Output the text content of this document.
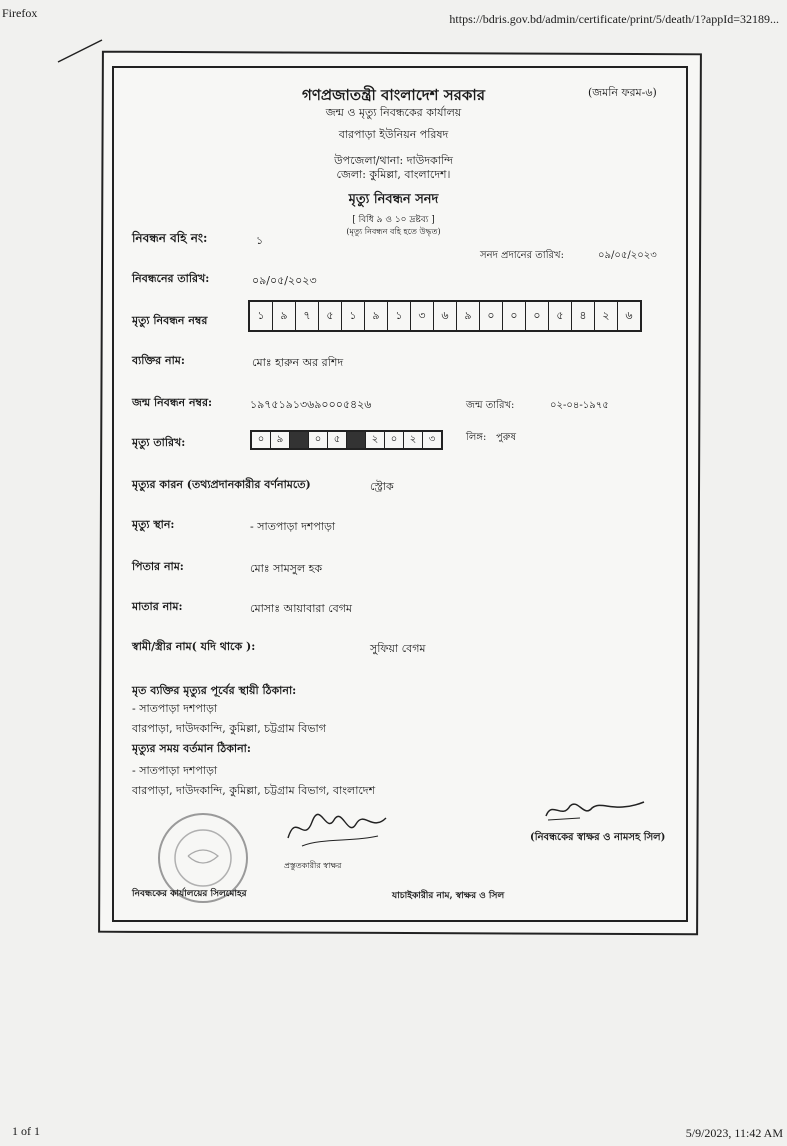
Firefox	https://bdris.gov.bd/admin/certificate/print/5/death/1?appId=32189...
1 of 1	5/9/2023, 11:42 AM
গণপ্রজাতন্ত্রী বাংলাদেশ সরকার	(জমনি ফরম-৬)
জন্ম ও মৃত্যু নিবন্ধকের কার্যালয়
বারপাড়া ইউনিয়ন পরিষদ
উপজেলা/থানা: দাউদকান্দি
জেলা: কুমিল্লা, বাংলাদেশ।
মৃত্যু নিবন্ধন সনদ
[ বিধি ৯ ও ১০ দ্রষ্টব্য ]
(মৃত্যু নিবন্ধন বহি হতে উদ্ধৃত)
নিবন্ধন বহি নং:	১
সনদ প্রদানের তারিখ:	০৯/০৫/২০২৩
নিবন্ধনের তারিখ:	০৯/০৫/২০২৩
মৃত্যু নিবন্ধন নম্বর	১	৯	৭	৫	১	৯	১	৩	৬	৯	০	০	০	৫	৪	২	৬
ব্যক্তির নাম:	মোঃ হারুন অর রশিদ
জন্ম নিবন্ধন নম্বর:	১৯৭৫১৯১৩৬৯০০০৫৪২৬	জন্ম তারিখ:	০২-০৪-১৯৭৫
মৃত্যু তারিখ:	০	৯	০	৫	২	০	২	৩	লিঙ্গ: পুরুষ
মৃত্যুর কারন (তথ্যপ্রদানকারীর বর্ণনামতে)	স্ট্রোক
মৃত্যু স্থান:	- সাতপাড়া দশপাড়া
পিতার নাম:	মোঃ সামসুল হক
মাতার নাম:	মোসাঃ আয়াবারা বেগম
স্বামী/স্ত্রীর নাম( যদি থাকে ):	সুফিয়া বেগম
মৃত ব্যক্তির মৃত্যুর পূর্বের স্থায়ী ঠিকানা:
- সাতপাড়া দশপাড়া
বারপাড়া, দাউদকান্দি, কুমিল্লা, চট্টগ্রাম বিভাগ
মৃত্যুর সময় বর্তমান ঠিকানা:
- সাতপাড়া দশপাড়া
বারপাড়া, দাউদকান্দি, কুমিল্লা, চট্টগ্রাম বিভাগ, বাংলাদেশ
(নিবন্ধকের স্বাক্ষর ও নামসহ সিল)
প্রস্তুতকারীর স্বাক্ষর
নিবন্ধকের কার্যালয়ের সিলমোহর	যাচাইকারীর নাম, স্বাক্ষর ও সিল
